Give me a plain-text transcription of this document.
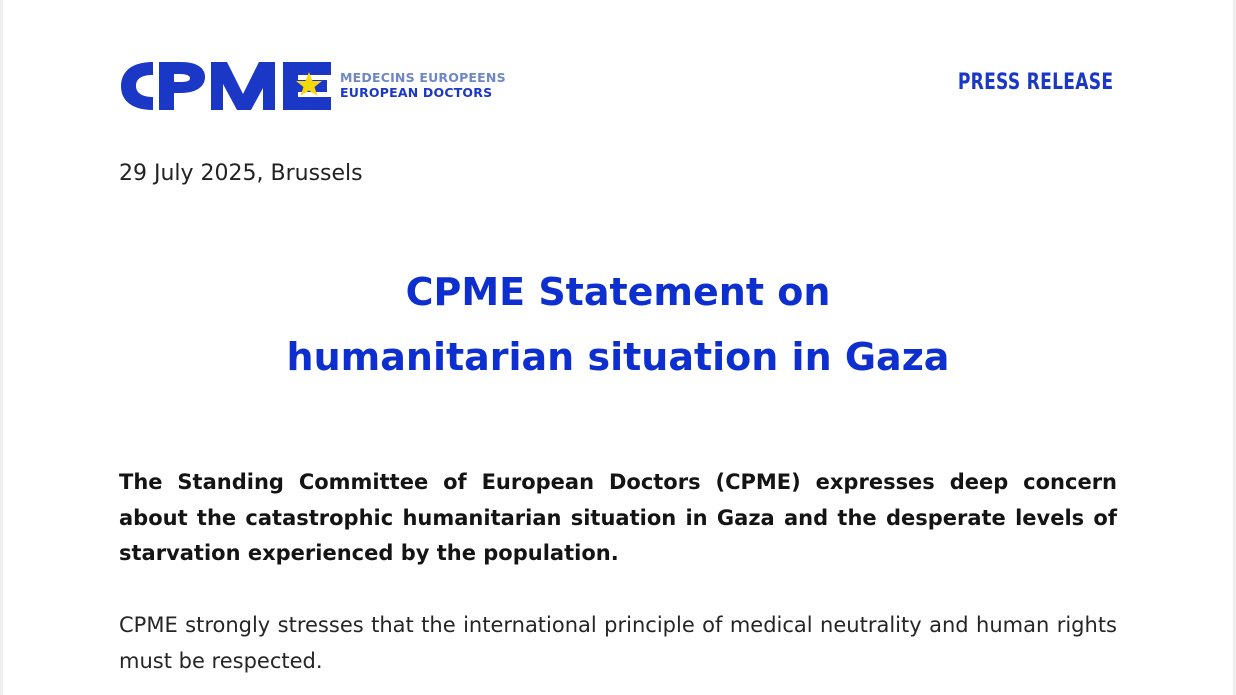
MEDECINS EUROPEENS
EUROPEAN DOCTORS	PRESS RELEASE
29 July 2025, Brussels
CPME Statement on
humanitarian situation in Gaza

The Standing Committee of European Doctors (CPME) expresses deep concern about the catastrophic humanitarian situation in Gaza and the desperate levels of starvation experienced by the population.

CPME strongly stresses that the international principle of medical neutrality and human rights must be respected.
